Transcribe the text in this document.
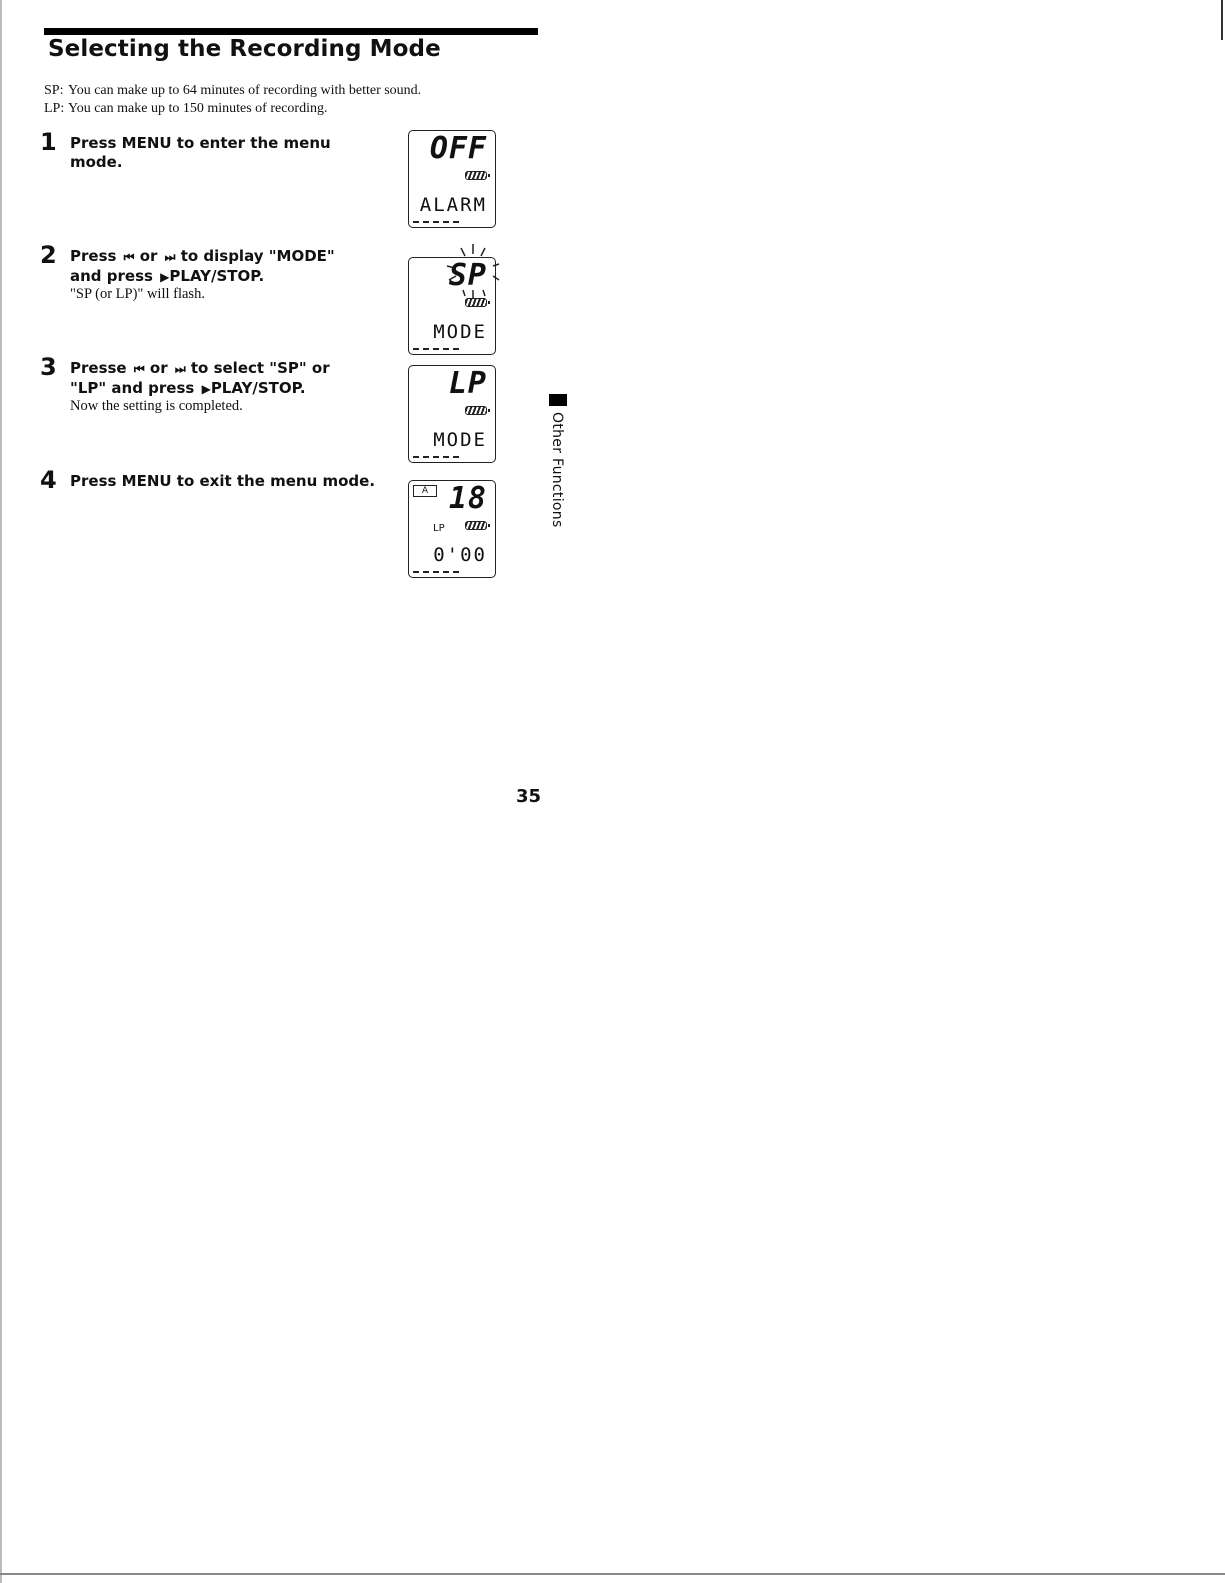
Selecting the Recording Mode
SP: You can make up to 64 minutes of recording with better sound.
LP: You can make up to 150 minutes of recording.
1 Press MENU to enter the menu mode.
2 Press ⏮ or ⏭ to display "MODE"
and press ▶ PLAY/STOP.
"SP (or LP)" will flash.
3 Presse ⏮ or ⏭ to select "SP" or
"LP" and press ▶ PLAY/STOP.
Now the setting is completed.
4 Press MENU to exit the menu mode.
OFF
ALARM
SP
MODE
LP
MODE
A 18
LP
0'00
Other Functions
35
